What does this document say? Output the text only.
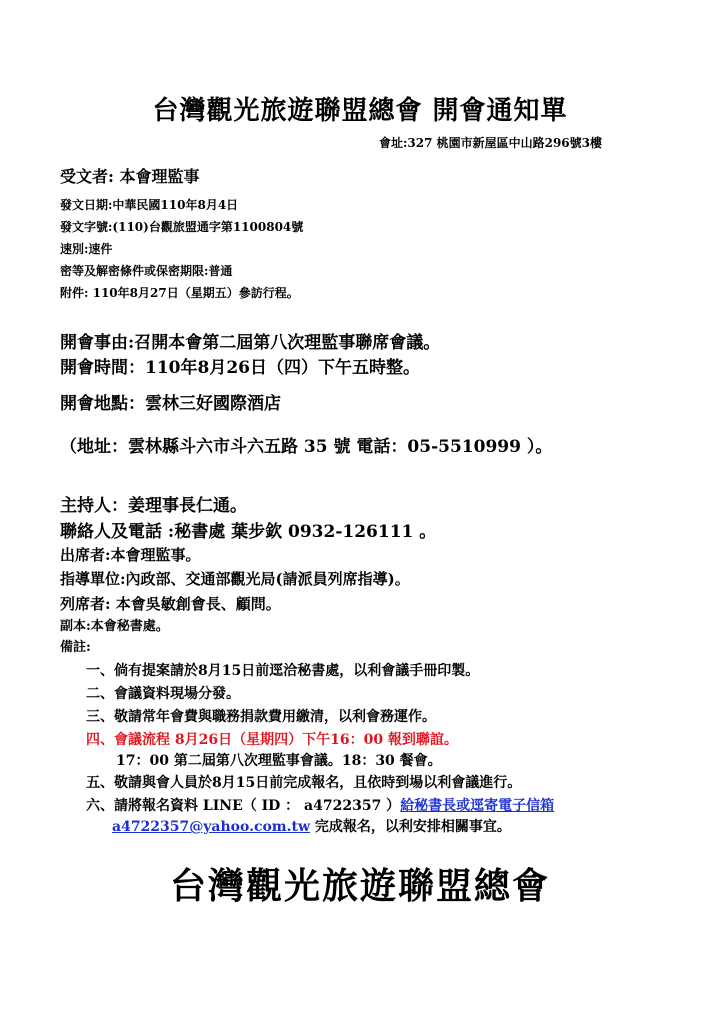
台灣觀光旅遊聯盟總會 開會通知單
會址:327 桃園市新屋區中山路296號3樓
受文者: 本會理監事
發文日期:中華民國110年8月4日
發文字號:(110)台觀旅盟通字第1100804號
速別:速件
密等及解密條件或保密期限:普通
附件: 110年8月27日（星期五）參訪行程。
開會事由:召開本會第二屆第八次理監事聯席會議。
開會時間：110年8月26日（四）下午五時整。
開會地點：雲林三好國際酒店
（地址：雲林縣斗六市斗六五路 35 號 電話：05-5510999 ）。
主持人：姜理事長仁通。
聯絡人及電話 :秘書處 葉步欽 0932-126111 。
出席者:本會理監事。
指導單位:內政部、交通部觀光局(請派員列席指導)。
列席者: 本會吳敏創會長、顧問。
副本:本會秘書處。
備註:
一、倘有提案請於8月15日前逕洽秘書處，以利會議手冊印製。
二、會議資料現場分發。
三、敬請常年會費與職務捐款費用繳清，以利會務運作。
四、會議流程 8月26日（星期四）下午16：00 報到聯誼。
17：00 第二屆第八次理監事會議。18：30 餐會。
五、敬請與會人員於8月15日前完成報名，且依時到場以利會議進行。
六、請將報名資料 LINE（ ID ： a4722357 ）給秘書長或逕寄電子信箱
a4722357@yahoo.com.tw 完成報名，以利安排相關事宜。
台灣觀光旅遊聯盟總會
